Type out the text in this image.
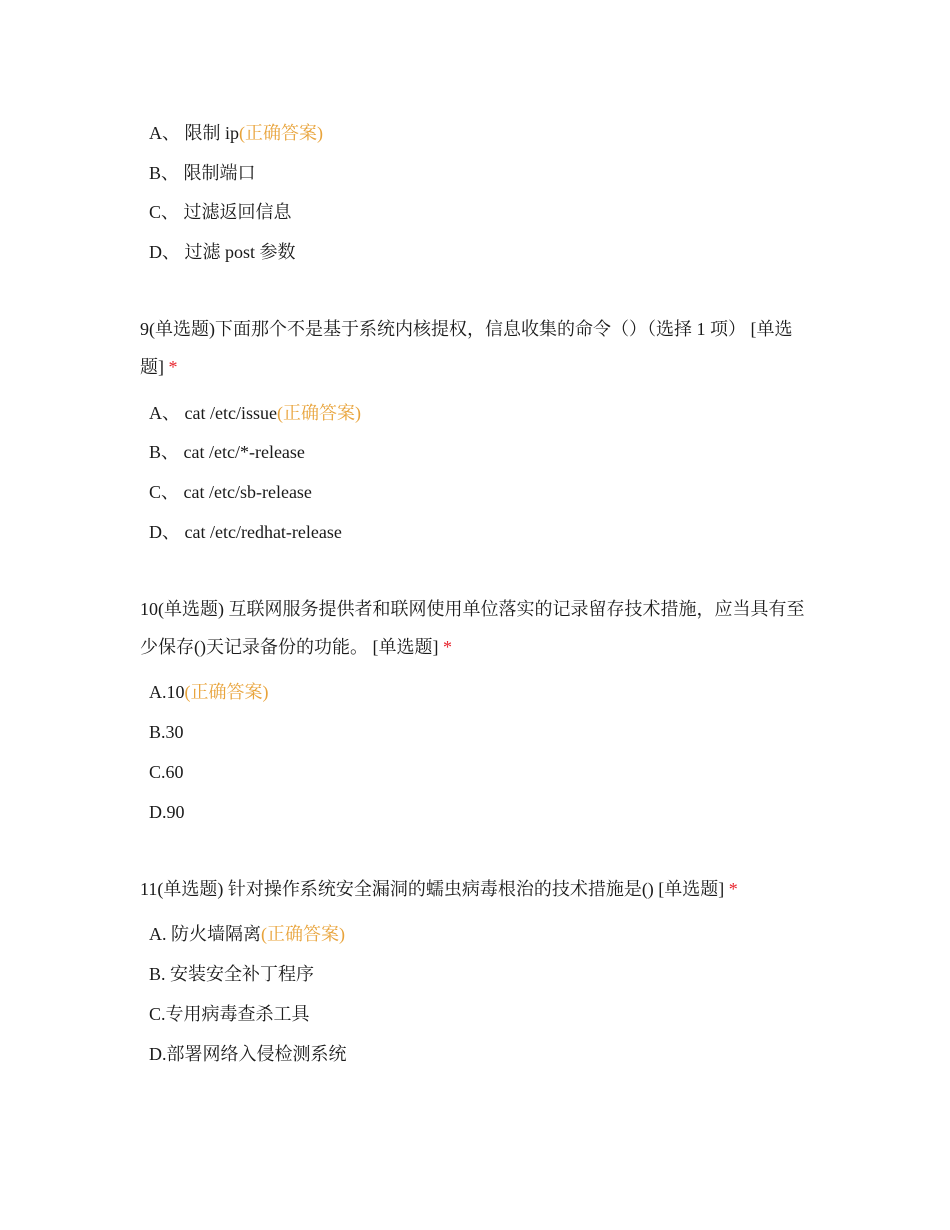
A、 限制 ip(正确答案)
B、 限制端口
C、 过滤返回信息
D、 过滤 post 参数
9(单选题)下面那个不是基于系统内核提权，信息收集的命令（）（选择 1 项） [单选题] *
A、 cat /etc/issue(正确答案)
B、 cat /etc/*-release
C、 cat /etc/sb-release
D、 cat /etc/redhat-release
10(单选题) 互联网服务提供者和联网使用单位落实的记录留存技术措施，应当具有至少保存()天记录备份的功能。 [单选题] *
A.10(正确答案)
B.30
C.60
D.90
11(单选题) 针对操作系统安全漏洞的蠕虫病毒根治的技术措施是() [单选题] *
A. 防火墙隔离(正确答案)
B. 安装安全补丁程序
C.专用病毒查杀工具
D.部署网络入侵检测系统
